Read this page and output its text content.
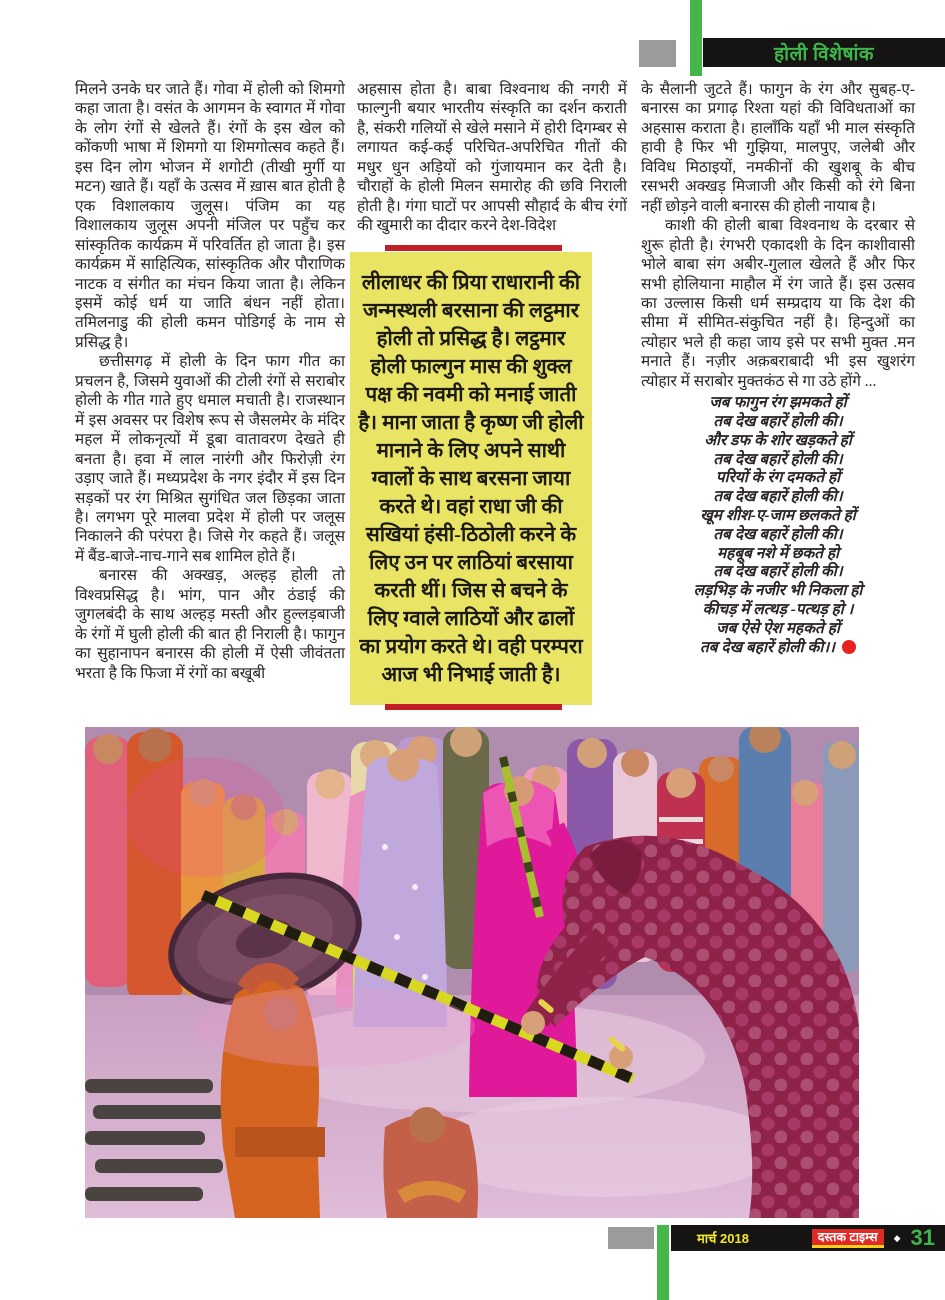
होली विशेषांक

मिलने उनके घर जाते हैं। गोवा में होली को शिमगो कहा जाता है। वसंत के आगमन के स्वागत में गोवा के लोग रंगों से खेलते हैं। रंगों के इस खेल को कोंकणी भाषा में शिमगो या शिमगोत्सव कहते हैं। इस दिन लोग भोजन में शगोटी (तीखी मुर्गी या मटन) खाते हैं। यहाँ के उत्सव में ख़ास बात होती है एक विशालकाय जुलूस। पंजिम का यह विशालकाय जुलूस अपनी मंजिल पर पहुँच कर सांस्कृतिक कार्यक्रम में परिवर्तित हो जाता है। इस कार्यक्रम में साहित्यिक, सांस्कृतिक और पौराणिक नाटक व संगीत का मंचन किया जाता है। लेकिन इसमें कोई धर्म या जाति बंधन नहीं होता। तमिलनाडु की होली कमन पोडिगई के नाम से प्रसिद्ध है।

छत्तीसगढ़ में होली के दिन फाग गीत का प्रचलन है, जिसमे युवाओं की टोली रंगों से सराबोर होली के गीत गाते हुए धमाल मचाती है। राजस्थान में इस अवसर पर विशेष रूप से जैसलमेर के मंदिर महल में लोकनृत्यों में डूबा वातावरण देखते ही बनता है। हवा में लाल नारंगी और फिरोज़ी रंग उड़ाए जाते हैं। मध्यप्रदेश के नगर इंदौर में इस दिन सड़कों पर रंग मिश्रित सुगंधित जल छिड़का जाता है। लगभग पूरे मालवा प्रदेश में होली पर जलूस निकालने की परंपरा है। जिसे गेर कहते हैं। जलूस में बैंड-बाजे-नाच-गाने सब शामिल होते हैं।

बनारस की अक्खड़, अल्हड़ होली तो विश्वप्रसिद्ध है। भांग, पान और ठंडाई की जुगलबंदी के साथ अल्हड़ मस्ती और हुल्लड़बाजी के रंगों में घुली होली की बात ही निराली है। फागुन का सुहानापन बनारस की होली में ऐसी जीवंतता भरता है कि फिजा में रंगों का बखूबी

अहसास होता है। बाबा विश्वनाथ की नगरी में फाल्गुनी बयार भारतीय संस्कृति का दर्शन कराती है, संकरी गलियों से खेले मसाने में होरी दिगम्बर से लगायत कई-कई परिचित-अपरिचित गीतों की मधुर धुन अड़ियों को गुंजायमान कर देती है। चौराहों के होली मिलन समारोह की छवि निराली होती है। गंगा घाटों पर आपसी सौहार्द के बीच रंगों की खुमारी का दीदार करने देश-विदेश

लीलाधर की प्रिया राधारानी की जन्मस्थली बरसाना की लट्ठमार होली तो प्रसिद्ध है। लट्ठमार होली फाल्गुन मास की शुक्ल पक्ष की नवमी को मनाई जाती है। माना जाता है कृष्ण जी होली मानाने के लिए अपने साथी ग्वालों के साथ बरसना जाया करते थे। वहां राधा जी की सखियां हंसी-ठिठोली करने के लिए उन पर लाठियां बरसाया करती थीं। जिस से बचने के लिए ग्वाले लाठियों और ढालों का प्रयोग करते थे। वही परम्परा आज भी निभाई जाती है।

के सैलानी जुटते हैं। फागुन के रंग और सुबह-ए-बनारस का प्रगाढ़ रिश्ता यहां की विविधताओं का अहसास कराता है। हालाँकि यहाँ भी माल संस्कृति हावी है फिर भी गुझिया, मालपुए, जलेबी और विविध मिठाइयों, नमकीनों की खुशबू के बीच रसभरी अक्खड़ मिजाजी और किसी को रंगे बिना नहीं छोड़ने वाली बनारस की होली नायाब है।

काशी की होली बाबा विश्वनाथ के दरबार से शुरू होती है। रंगभरी एकादशी के दिन काशीवासी भोले बाबा संग अबीर-गुलाल खेलते हैं और फिर सभी होलियाना माहौल में रंग जाते हैं। इस उत्सव का उल्लास किसी धर्म सम्प्रदाय या कि देश की सीमा में सीमित-संकुचित नहीं है। हिन्दुओं का त्योहार भले ही कहा जाय इसे पर सभी मुक्त .मन मनाते हैं। नज़ीर अक़बराबादी भी इस खुशरंग त्योहार में सराबोर मुक्तकंठ से गा उठे होंगे ...

जब फागुन रंग झमकते हों
तब देख बहारें होली की।
और डफ के शोर खड़कते हों
तब देख बहारें होली की।
परियों के रंग दमकते हों
तब देख बहारें होली की।
खूम शीश-ए-जाम छलकते हों
तब देख बहारें होली की।
महबूब नशे में छकते हो
तब देख बहारें होली की।
लड़भिड़ के नजीर भी निकला हो
कीचड़ में लत्थड़ -पत्थड़ हो ।
जब ऐसे ऐश महकते हों
तब देख बहारें होली की।।
मार्च 2018	दस्तक टाइम्स	◆ 31
